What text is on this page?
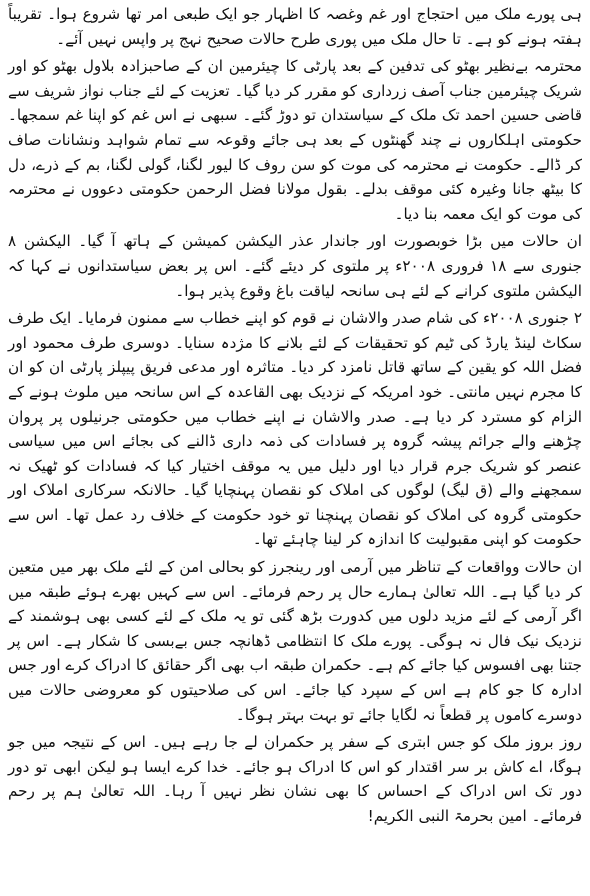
ہی پورے ملک میں احتجاج اور غم وغصہ کا اظہار جو ایک طبعی امر تھا شروع ہوا۔ تقریباً ہفتہ ہونے کو ہے۔ تا حال ملک میں پوری طرح حالات صحیح نہج پر واپس نہیں آئے۔

محترمہ بےنظیر بھٹو کی تدفین کے بعد پارٹی کا چیئرمین ان کے صاحبزادہ بلاول بھٹو کو اور شریک چیئرمین جناب آصف زرداری کو مقرر کر دیا گیا۔ تعزیت کے لئے جناب نواز شریف سے قاضی حسین احمد تک ملک کے سیاستدان تو دوڑ گئے۔ سبھی نے اس غم کو اپنا غم سمجھا۔ حکومتی اہلکاروں نے چند گھنٹوں کے بعد ہی جائے وقوعہ سے تمام شواہد ونشانات صاف کر ڈالے۔ حکومت نے محترمہ کی موت کو سن روف کا لیور لگنا، گولی لگنا، بم کے ذرے، دل کا بیٹھ جانا وغیرہ کئی موقف بدلے۔ بقول مولانا فضل الرحمن حکومتی دعووں نے محترمہ کی موت کو ایک معمہ بنا دیا۔

ان حالات میں بڑا خوبصورت اور جاندار عذر الیکشن کمیشن کے ہاتھ آ گیا۔ الیکشن ۸ جنوری سے ۱۸ فروری ۲۰۰۸ء پر ملتوی کر دیئے گئے۔ اس پر بعض سیاستدانوں نے کہا کہ الیکشن ملتوی کرانے کے لئے ہی سانحہ لیاقت باغ وقوع پذیر ہوا۔

۲ جنوری ۲۰۰۸ء کی شام صدر والاشان نے قوم کو اپنے خطاب سے ممنون فرمایا۔ ایک طرف سکاٹ لینڈ یارڈ کی ٹیم کو تحقیقات کے لئے بلانے کا مژدہ سنایا۔ دوسری طرف محمود اور فضل اللہ کو یقین کے ساتھ قاتل نامزد کر دیا۔ متاثرہ اور مدعی فریق پیپلز پارٹی ان کو ان کا مجرم نہیں مانتی۔ خود امریکہ کے نزدیک بھی القاعدہ کے اس سانحہ میں ملوث ہونے کے الزام کو مسترد کر دیا ہے۔ صدر والاشان نے اپنے خطاب میں حکومتی جرنیلوں پر پروان چڑھنے والے جرائم پیشہ گروہ پر فسادات کی ذمہ داری ڈالنے کی بجائے اس میں سیاسی عنصر کو شریک جرم قرار دیا اور دلیل میں یہ موقف اختیار کیا کہ فسادات کو ٹھیک نہ سمجھنے والے (ق لیگ) لوگوں کی املاک کو نقصان پہنچایا گیا۔ حالانکہ سرکاری املاک اور حکومتی گروہ کی املاک کو نقصان پہنچنا تو خود حکومت کے خلاف رد عمل تھا۔ اس سے حکومت کو اپنی مقبولیت کا اندازہ کر لینا چاہئے تھا۔

ان حالات وواقعات کے تناظر میں آرمی اور رینجرز کو بحالی امن کے لئے ملک بھر میں متعین کر دیا گیا ہے۔ اللہ تعالیٰ ہمارے حال پر رحم فرمائے۔ اس سے کہیں بھرے ہوئے طبقہ میں اگر آرمی کے لئے مزید دلوں میں کدورت بڑھ گئی تو یہ ملک کے لئے کسی بھی ہوشمند کے نزدیک نیک فال نہ ہوگی۔ پورے ملک کا انتظامی ڈھانچہ جس بےبسی کا شکار ہے۔ اس پر جتنا بھی افسوس کیا جائے کم ہے۔ حکمران طبقہ اب بھی اگر حقائق کا ادراک کرے اور جس ادارہ کا جو کام ہے اس کے سپرد کیا جائے۔ اس کی صلاحیتوں کو معروضی حالات میں دوسرے کاموں پر قطعاً نہ لگایا جائے تو بہت بہتر ہوگا۔

روز بروز ملک کو جس ابتری کے سفر پر حکمران لے جا رہے ہیں۔ اس کے نتیجہ میں جو ہوگا، اے کاش بر سر اقتدار کو اس کا ادراک ہو جائے۔ خدا کرے ایسا ہو لیکن ابھی تو دور دور تک اس ادراک کے احساس کا بھی نشان نظر نہیں آ رہا۔ اللہ تعالیٰ ہم پر رحم فرمائے۔ امین بحرمۃ النبی الکریم!
